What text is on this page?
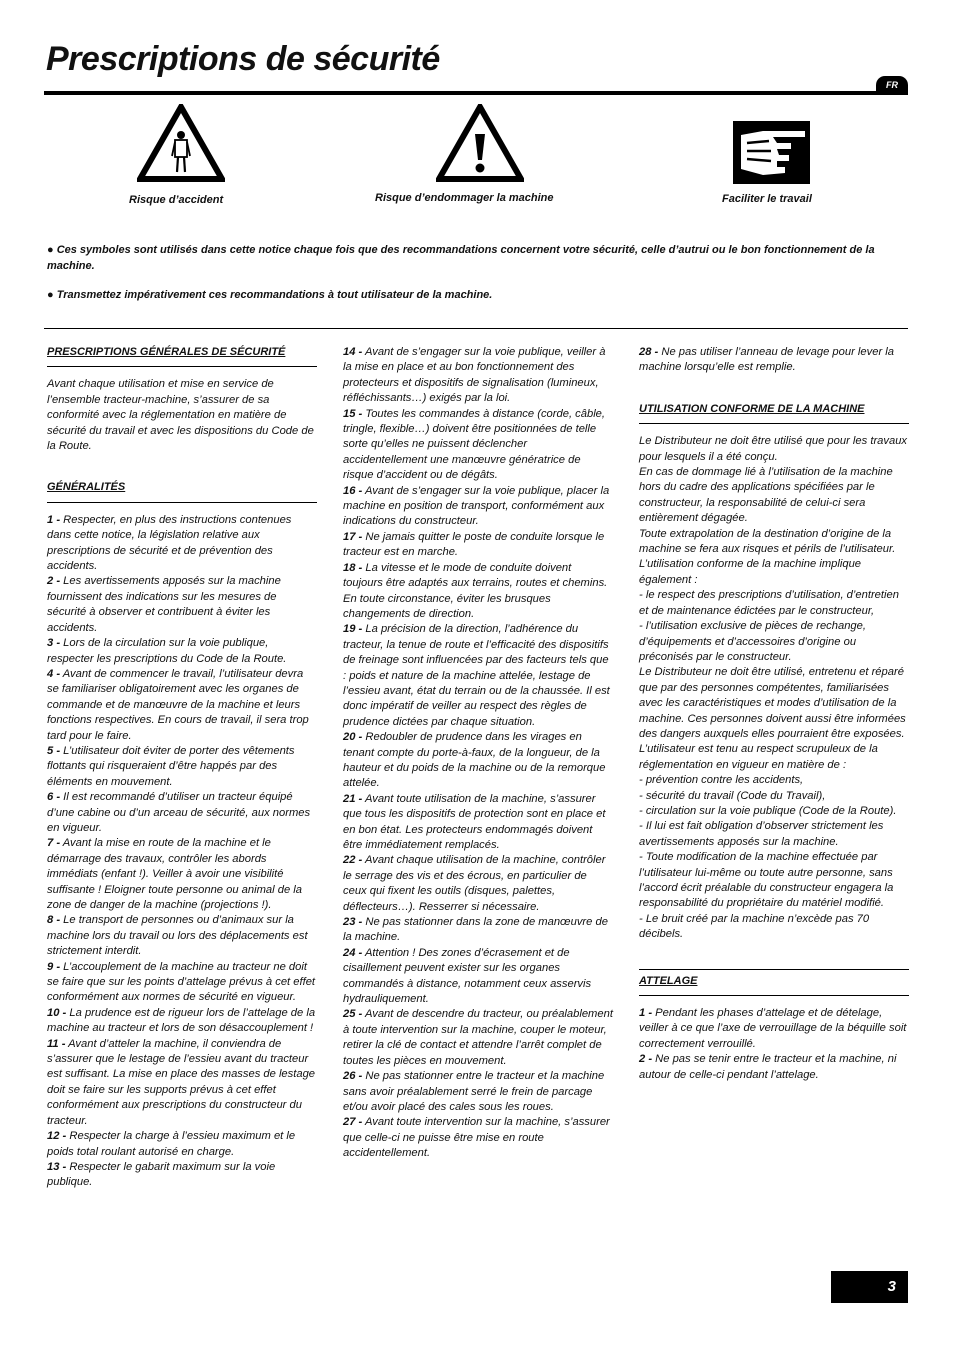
Prescriptions de sécurité
FR
Risque d’accident	Risque d’endommager la machine	Faciliter le travail

● Ces symboles sont utilisés dans cette notice chaque fois que des recommandations concernent votre sécurité, celle d’autrui ou le bon fonctionnement de la machine.

● Transmettez impérativement ces recommandations à tout utilisateur de la machine.

PRESCRIPTIONS GÉNÉRALES DE SÉCURITÉ

Avant chaque utilisation et mise en service de l’ensemble tracteur-machine, s’assurer de sa conformité avec la réglementation en matière de sécurité du travail et avec les dispositions du Code de la Route.

GÉNÉRALITÉS

1 - Respecter, en plus des instructions contenues dans cette notice, la législation relative aux prescriptions de sécurité et de prévention des accidents.

2 - Les avertissements apposés sur la machine fournissent des indications sur les mesures de sécurité à observer et contribuent à éviter les accidents.

3 - Lors de la circulation sur la voie publique, respecter les prescriptions du Code de la Route.

4 - Avant de commencer le travail, l’utilisateur devra se familiariser obligatoirement avec les organes de commande et de manœuvre de la machine et leurs fonctions respectives. En cours de travail, il sera trop tard pour le faire.

5 - L’utilisateur doit éviter de porter des vêtements flottants qui risqueraient d’être happés par des éléments en mouvement.

6 - Il est recommandé d’utiliser un tracteur équipé d’une cabine ou d’un arceau de sécurité, aux normes en vigueur.

7 - Avant la mise en route de la machine et le démarrage des travaux, contrôler les abords immédiats (enfant !). Veiller à avoir une visibilité suffisante ! Eloigner toute personne ou animal de la zone de danger de la machine (projections !).

8 - Le transport de personnes ou d’animaux sur la machine lors du travail ou lors des déplacements est strictement interdit.

9 - L’accouplement de la machine au tracteur ne doit se faire que sur les points d’attelage prévus à cet effet conformément aux normes de sécurité en vigueur.

10 - La prudence est de rigueur lors de l’attelage de la machine au tracteur et lors de son désaccouplement !

11 - Avant d’atteler la machine, il conviendra de s’assurer que le lestage de l’essieu avant du tracteur est suffisant. La mise en place des masses de lestage doit se faire sur les supports prévus à cet effet conformément aux prescriptions du constructeur du tracteur.

12 - Respecter la charge à l’essieu maximum et le poids total roulant autorisé en charge.

13 - Respecter le gabarit maximum sur la voie publique.

14 - Avant de s’engager sur la voie publique, veiller à la mise en place et au bon fonctionnement des protecteurs et dispositifs de signalisation (lumineux, réfléchissants…) exigés par la loi.

15 - Toutes les commandes à distance (corde, câble, tringle, flexible…) doivent être positionnées de telle sorte qu’elles ne puissent déclencher accidentellement une manœuvre génératrice de risque d’accident ou de dégâts.

16 - Avant de s’engager sur la voie publique, placer la machine en position de transport, conformément aux indications du constructeur.

17 - Ne jamais quitter le poste de conduite lorsque le tracteur est en marche.

18 - La vitesse et le mode de conduite doivent toujours être adaptés aux terrains, routes et chemins. En toute circonstance, éviter les brusques changements de direction.

19 - La précision de la direction, l’adhérence du tracteur, la tenue de route et l’efficacité des dispositifs de freinage sont influencées par des facteurs tels que : poids et nature de la machine attelée, lestage de l’essieu avant, état du terrain ou de la chaussée. Il est donc impératif de veiller au respect des règles de prudence dictées par chaque situation.

20 - Redoubler de prudence dans les virages en tenant compte du porte-à-faux, de la longueur, de la hauteur et du poids de la machine ou de la remorque attelée.

21 - Avant toute utilisation de la machine, s’assurer que tous les dispositifs de protection sont en place et en bon état. Les protecteurs endommagés doivent être immédiatement remplacés.

22 - Avant chaque utilisation de la machine, contrôler le serrage des vis et des écrous, en particulier de ceux qui fixent les outils (disques, palettes, déflecteurs…). Resserrer si nécessaire.

23 - Ne pas stationner dans la zone de manœuvre de la machine.

24 - Attention ! Des zones d’écrasement et de cisaillement peuvent exister sur les organes commandés à distance, notamment ceux asservis hydrauliquement.

25 - Avant de descendre du tracteur, ou préalablement à toute intervention sur la machine, couper le moteur, retirer la clé de contact et attendre l’arrêt complet de toutes les pièces en mouvement.

26 - Ne pas stationner entre le tracteur et la machine sans avoir préalablement serré le frein de parcage et/ou avoir placé des cales sous les roues.

27 - Avant toute intervention sur la machine, s’assurer que celle-ci ne puisse être mise en route accidentellement.

28 - Ne pas utiliser l’anneau de levage pour lever la machine lorsqu’elle est remplie.

UTILISATION CONFORME DE LA MACHINE

Le Distributeur ne doit être utilisé que pour les travaux pour lesquels il a été conçu.

En cas de dommage lié à l’utilisation de la machine hors du cadre des applications spécifiées par le constructeur, la responsabilité de celui-ci sera entièrement dégagée.

Toute extrapolation de la destination d’origine de la machine se fera aux risques et périls de l’utilisateur.

L’utilisation conforme de la machine implique également :

- le respect des prescriptions d’utilisation, d’entretien et de maintenance édictées par le constructeur,

- l’utilisation exclusive de pièces de rechange, d’équipements et d’accessoires d’origine ou préconisés par le constructeur.

Le Distributeur ne doit être utilisé, entretenu et réparé que par des personnes compétentes, familiarisées avec les caractéristiques et modes d’utilisation de la machine. Ces personnes doivent aussi être informées des dangers auxquels elles pourraient être exposées.

L’utilisateur est tenu au respect scrupuleux de la réglementation en vigueur en matière de :

- prévention contre les accidents,

- sécurité du travail (Code du Travail),

- circulation sur la voie publique (Code de la Route).

- Il lui est fait obligation d’observer strictement les avertissements apposés sur la machine.

- Toute modification de la machine effectuée par l’utilisateur lui-même ou toute autre personne, sans l’accord écrit préalable du constructeur engagera la responsabilité du propriétaire du matériel modifié.

- Le bruit créé par la machine n’excède pas 70 décibels.

ATTELAGE

1 - Pendant les phases d’attelage et de dételage, veiller à ce que l’axe de verrouillage de la béquille soit correctement verrouillé.

2 - Ne pas se tenir entre le tracteur et la machine, ni autour de celle-ci pendant l’attelage.

3
